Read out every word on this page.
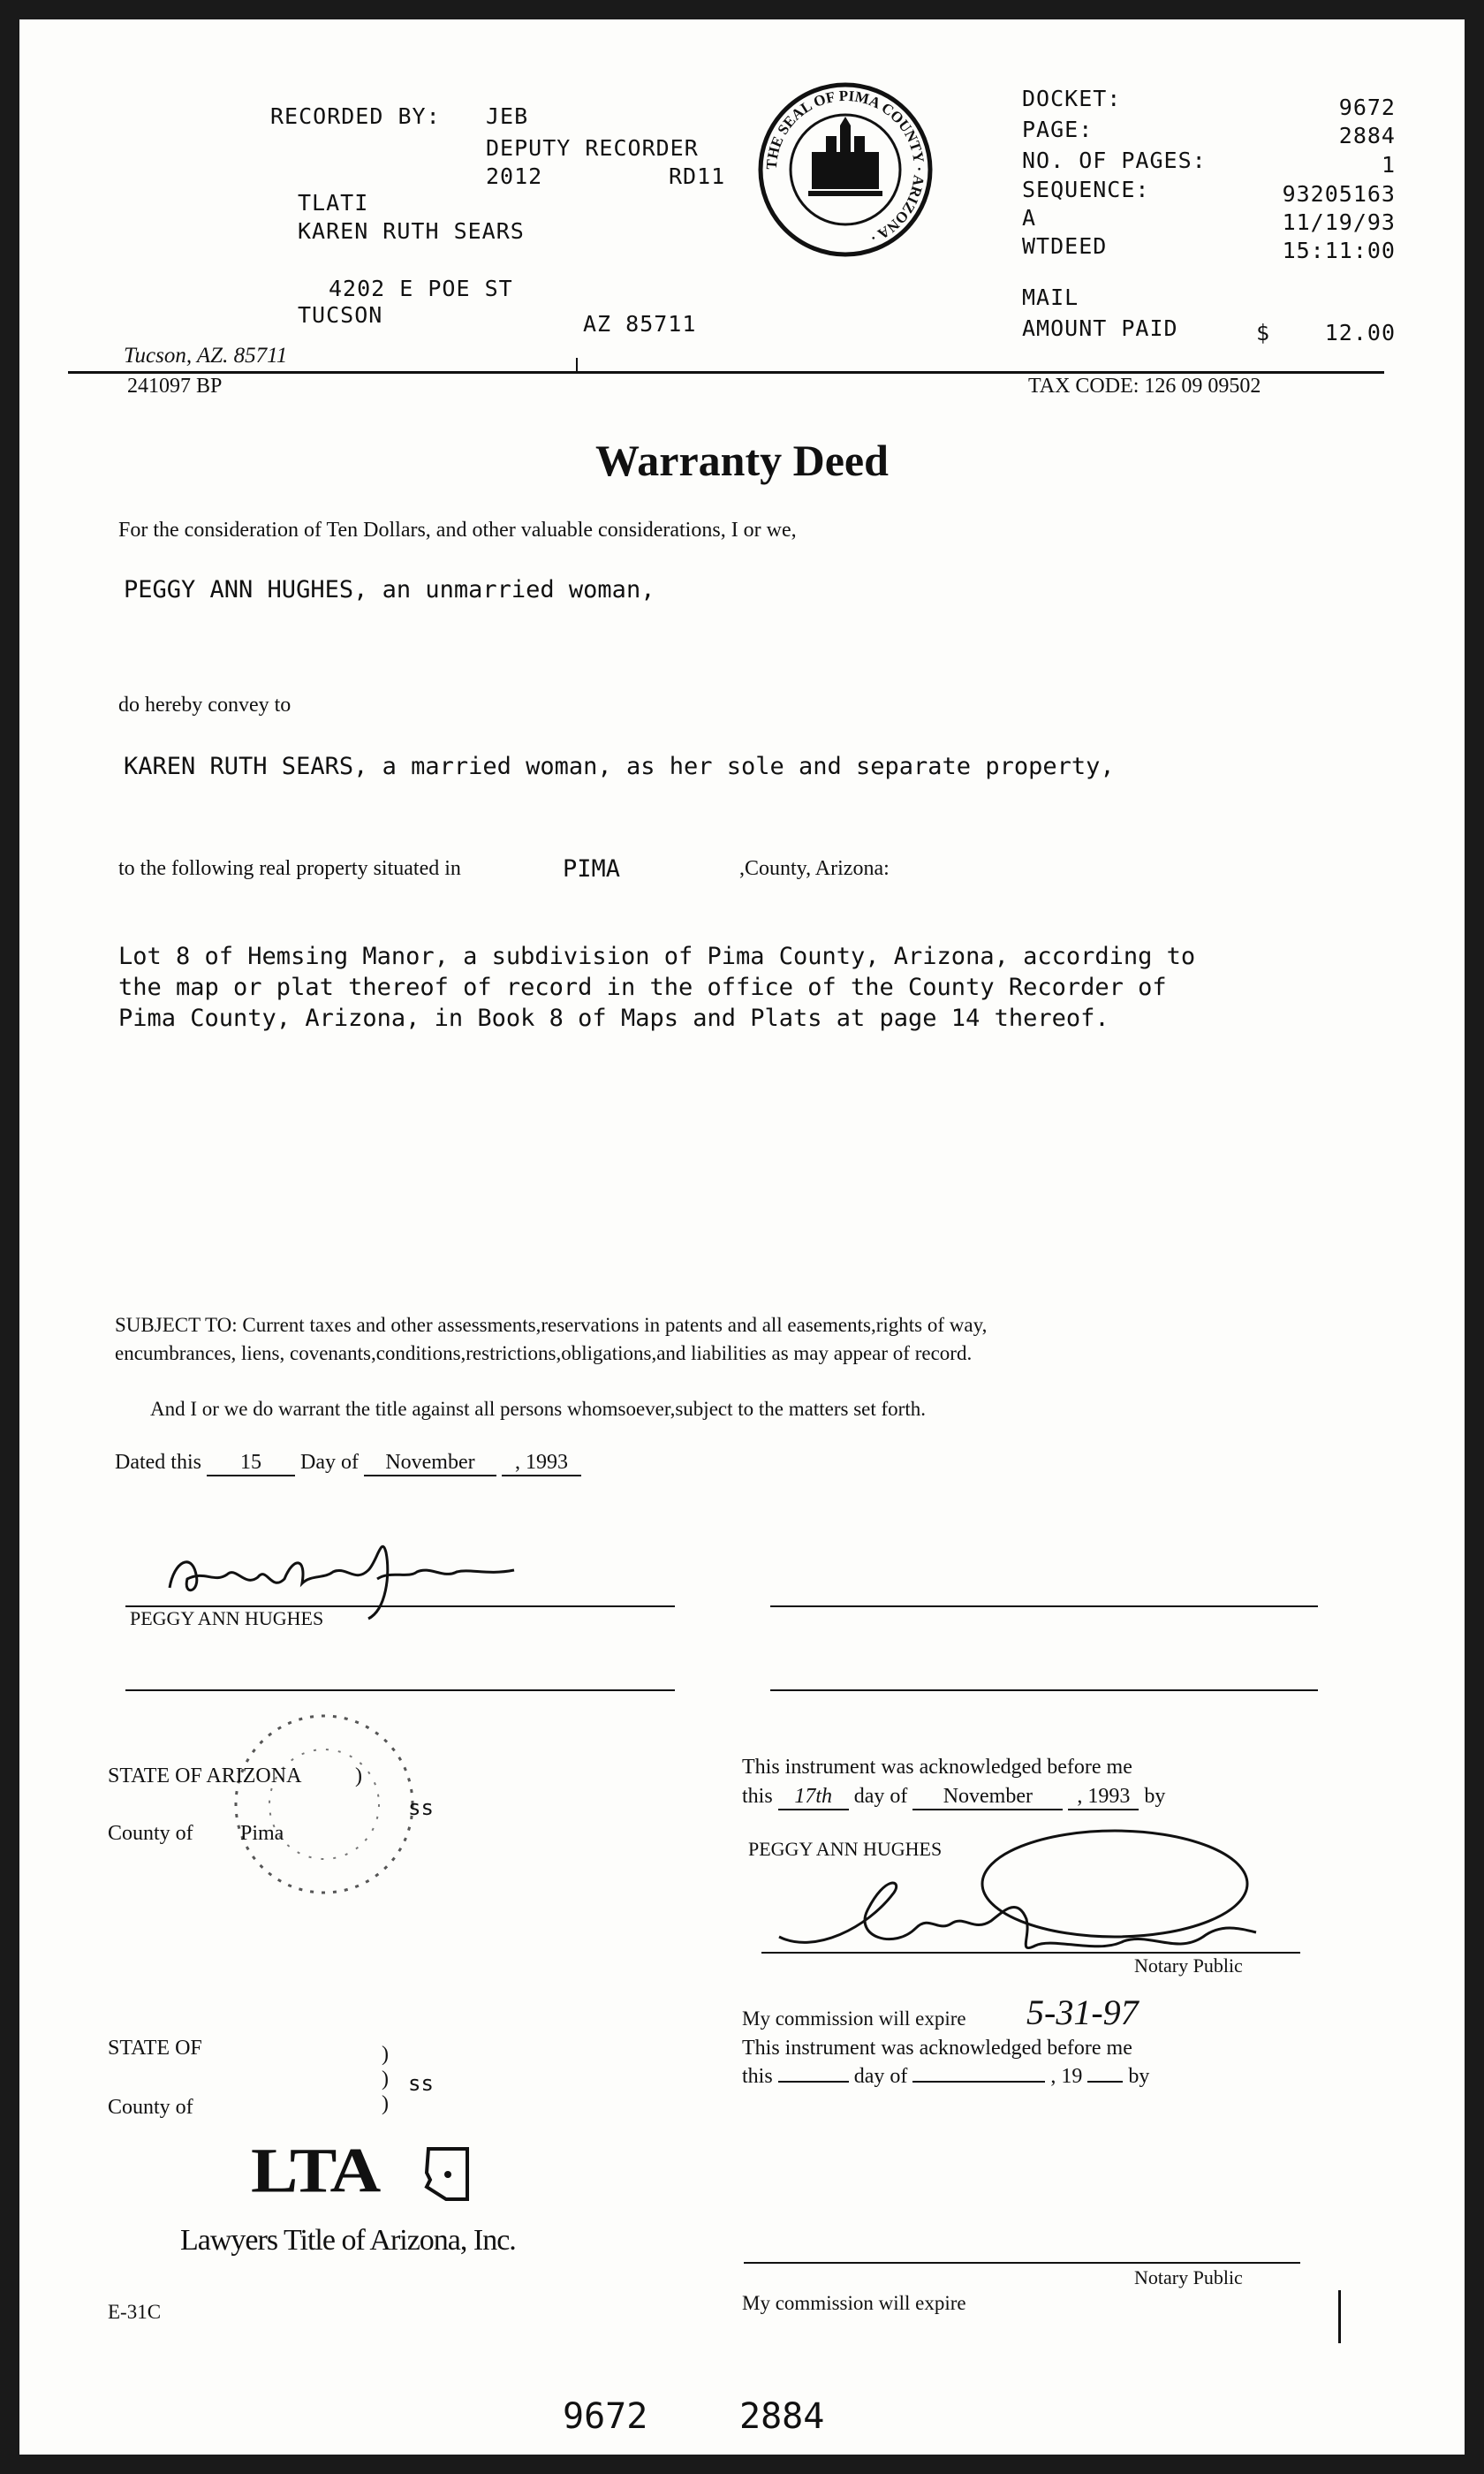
RECORDED BY: JEB
DEPUTY RECORDER
2012	RD11
TLATI
KAREN RUTH SEARS
4202 E POE ST
TUCSON	AZ 85711
THE SEAL OF PIMA COUNTY · ARIZONA ·
DOCKET:	9672
PAGE:	2884
NO. OF PAGES:	1
SEQUENCE:	93205163
A	11/19/93
WTDEED	15:11:00
MAIL
AMOUNT PAID	$ 12.00
Tucson, AZ. 85711
241097 BP	TAX CODE: 126 09 09502
Warranty Deed
For the consideration of Ten Dollars, and other valuable considerations, I or we,
PEGGY ANN HUGHES, an unmarried woman,
do hereby convey to
KAREN RUTH SEARS, a married woman, as her sole and separate property,
to the following real property situated in	PIMA	,County, Arizona:
Lot 8 of Hemsing Manor, a subdivision of Pima County, Arizona, according to
the map or plat thereof of record in the office of the County Recorder of
Pima County, Arizona, in Book 8 of Maps and Plats at page 14 thereof.
SUBJECT TO: Current taxes and other assessments,reservations in patents and all easements,rights of way,
encumbrances, liens, covenants,conditions,restrictions,obligations,and liabilities as may appear of record.
And I or we do warrant the title against all persons whomsoever,subject to the matters set forth.
Dated this 15 Day of November , 1993
PEGGY ANN HUGHES
STATE OF ARIZONA	)
ss
County of Pima
This instrument was acknowledged before me
this 17th day of November , 1993 by
PEGGY ANN HUGHES
Notary Public
My commission will expire 5-31-97
This instrument was acknowledged before me
this	day of	, 19 by
STATE OF	)
) ss
)
County of
Notary Public
My commission will expire
LTA
Lawyers Title of Arizona, Inc.
E-31C
9672	2884
